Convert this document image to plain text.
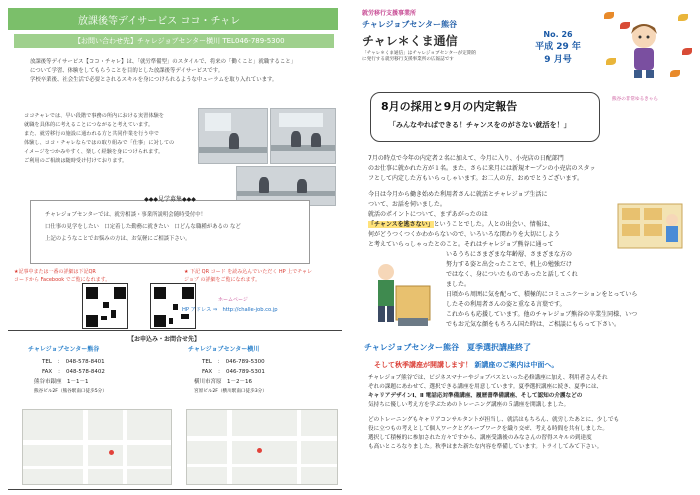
放課後等デイサービス ココ・チャレ
【お問い合わせ先】チャレジョブセンター横川 TEL046-789-5300
放課後等デイサービス【ココ・チャレ】は、「就労準備型」のスタイルで、将来の「働くこと」就職すること」
について学習、体験をしてもらうことを目的とした放課後等デイサービスです。
学校卒業後、社会生活で必要とされるスキルを身につけられるような中ューラムを取り入れています。
ココチャレでは、早い段階で事務の所内における実習体験を
就職を具体的に考えることにつながると考えています。
また、就労移行の施設に通われる方と共同作業を行う中で
体験し、ココ・チャレならではの取り組みで「仕事」に対しての
イメージをつかみやすく、楽しく経験を身につけられます。
ご利用のご相談は随時受け付けております。
◆◆◆見学募集◆◆◆
チャレジョブセンターでは、就労相談・事業所説明会随時受付中！
口仕事の見学をしたい　口定着した勤務に就きたい　口どんな職種があるの など
上記のようなことでお悩みの方は、お気軽にご相談下さい。
★記事中または一番の詳細は下記QR
コードから Facebook でご覧になれます。
★ 下記 QR コード を読み込んでいただく HP 上でチャレ
ジョブ の詳細をご覧になれます。
ホームページ
HP アドレス ⇒　http://challe-job.co.jp
【お申込み・お問合せ先】
チャレジョブセンター熊谷
TEL　：　048-578-8401
FAX　：　048-578-8402
熊谷市銀座　1－1－1
熊谷ビル2F（熊谷駅南口徒歩5分）
チャレジョブセンター横川
TEL　：　046-789-5300
FAX　：　046-789-5301
横川市宮原　1－2－16
宮原ビル2F（横川駅南口徒歩3分）
就労移行支援事業所
チャレジョブセンター熊谷
チャレ＊くま通信
「チャレ＊くま通信」はチャレジョブセンターが定期的
に発行する就労移行支援事業所の広報誌です
No. 26
平成 29 年
9 月号
熊谷の非常ゆるきゃら
8月の採用と9月の内定報告
「みんなやればできる！チャンスをのがさない就活を！」
7月の時点で今年の内定者２名に加えて、今月に入り、小売店の日配部門
のお仕事に就かれた方が１名。また、さらに来月には新規オープンの小売店のスタッ
フとして内定した方もいらっしゃいます。お二人の方、おめでとうございます。
今日は今月から働き始めた利用者さんに就活とチャレジョブ生活に
ついて、お話を伺いました。
就活のポイントについて、まずあがったのは
「チャンスを逃さない」ということでした。人との出会い、情報は、
何がどうつくつくかわからないので、いろいろな関わりを大切にしよう
と考えていらっしゃったとのこと。それはチャレジョブ熊谷に通って
いるうちにさまざまな年齢層、さまざまな方の
努力する姿と出会ったことで、机上の勉強だけ
ではなく、身についたものであったと話してくれ
ました。
日頃から周囲に気を配って、積極的にコミュニケーションをとっていら
したその利用者さんの姿と重なる言葉です。
これからも応援しています。他のチャレジョブ熊谷の卒業生同様、いつ
でもお元気な顔をもちろん国た時は、ご相談にもらって下さい。
チャレジョブセンター熊谷　夏季選択講座終了
そして秋季講座が開講します！ 新講座のご案内は中面へ。
チャレジョブ熊谷では、ビジネスマナーやジョブパスといった必修講座に加え、利用者さんそれ
ぞれの課題にあわせて、選択できる講座を用意しています。夏季選択講座に続き、夏季には、
キャリアデザインⅠ、Ⅱ 電話応対準備講座、履歴書準備講座、そして認知の介護などの
気持ちに優しい考え方を学ぶためのトレーニング講座の５講座を開講しました。
どのトレーニングもキャリアコンサルタントが担当し、就活はもちろん、就労したあとに、少しでも
役に立つもの考えとして個人ワークとグループワークを織り交ぜ、考える時間を共有しました。
選択して積極的に参加された方々ですから、講座受講後のみなさんの習得スキルの到達度
も高いところなりました。秋季はまた新たな内容を準備しています。トライしてみて下さい。
